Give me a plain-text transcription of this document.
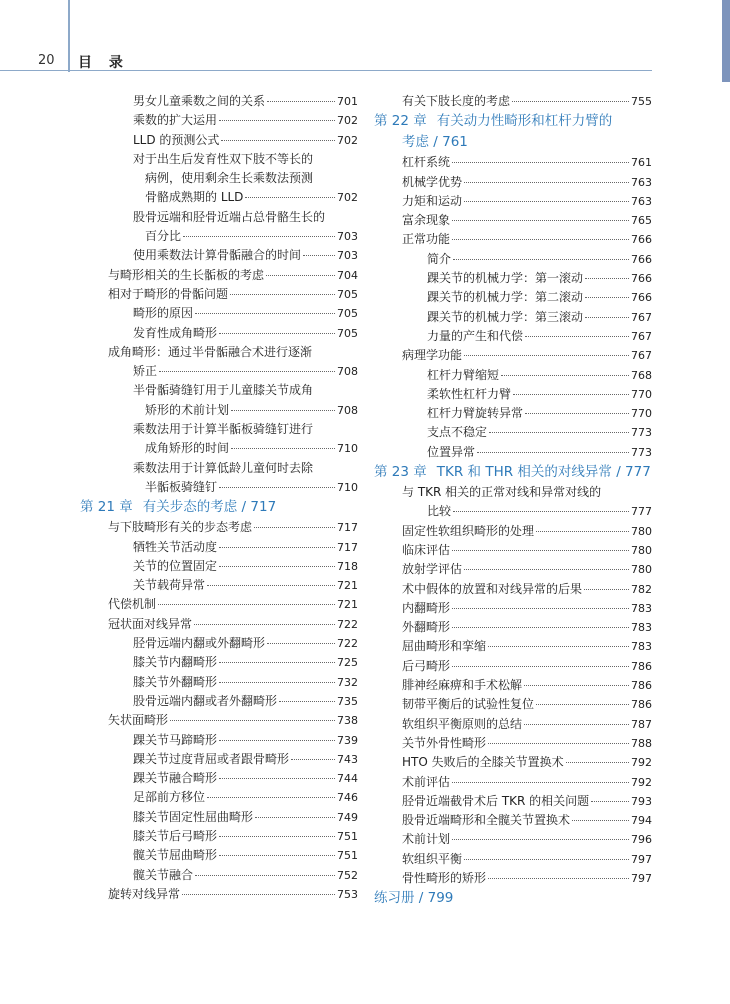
20 目 录
男女儿童乘数之间的关系	701
乘数的扩大运用	702
LLD 的预测公式	702
对于出生后发育性双下肢不等长的
病例，使用剩余生长乘数法预测
骨骼成熟期的 LLD	702
股骨远端和胫骨近端占总骨骼生长的
百分比	703
使用乘数法计算骨骺融合的时间	703
与畸形相关的生长骺板的考虑	704
相对于畸形的骨骺问题	705
畸形的原因	705
发育性成角畸形	705
成角畸形：通过半骨骺融合术进行逐渐
矫正	708
半骨骺骑缝钉用于儿童膝关节成角
矫形的术前计划	708
乘数法用于计算半骺板骑缝钉进行
成角矫形的时间	710
乘数法用于计算低龄儿童何时去除
半骺板骑缝钉	710
第 21 章 有关步态的考虑 / 717
与下肢畸形有关的步态考虑	717
牺牲关节活动度	717
关节的位置固定	718
关节载荷异常	721
代偿机制	721
冠状面对线异常	722
胫骨远端内翻或外翻畸形	722
膝关节内翻畸形	725
膝关节外翻畸形	732
股骨远端内翻或者外翻畸形	735
矢状面畸形	738
踝关节马蹄畸形	739
踝关节过度背屈或者跟骨畸形	743
踝关节融合畸形	744
足部前方移位	746
膝关节固定性屈曲畸形	749
膝关节后弓畸形	751
髋关节屈曲畸形	751
髋关节融合	752
旋转对线异常	753
有关下肢长度的考虑	755
第 22 章 有关动力性畸形和杠杆力臂的
考虑 / 761
杠杆系统	761
机械学优势	763
力矩和运动	763
富余现象	765
正常功能	766
简介	766
踝关节的机械力学：第一滚动	766
踝关节的机械力学：第二滚动	766
踝关节的机械力学：第三滚动	767
力量的产生和代偿	767
病理学功能	767
杠杆力臂缩短	768
柔软性杠杆力臂	770
杠杆力臂旋转异常	770
支点不稳定	773
位置异常	773
第 23 章 TKR 和 THR 相关的对线异常 / 777
与 TKR 相关的正常对线和异常对线的
比较	777
固定性软组织畸形的处理	780
临床评估	780
放射学评估	780
术中假体的放置和对线异常的后果	782
内翻畸形	783
外翻畸形	783
屈曲畸形和挛缩	783
后弓畸形	786
腓神经麻痹和手术松解	786
韧带平衡后的试验性复位	786
软组织平衡原则的总结	787
关节外骨性畸形	788
HTO 失败后的全膝关节置换术	792
术前评估	792
胫骨近端截骨术后 TKR 的相关问题	793
股骨近端畸形和全髋关节置换术	794
术前计划	796
软组织平衡	797
骨性畸形的矫形	797
练习册 / 799
